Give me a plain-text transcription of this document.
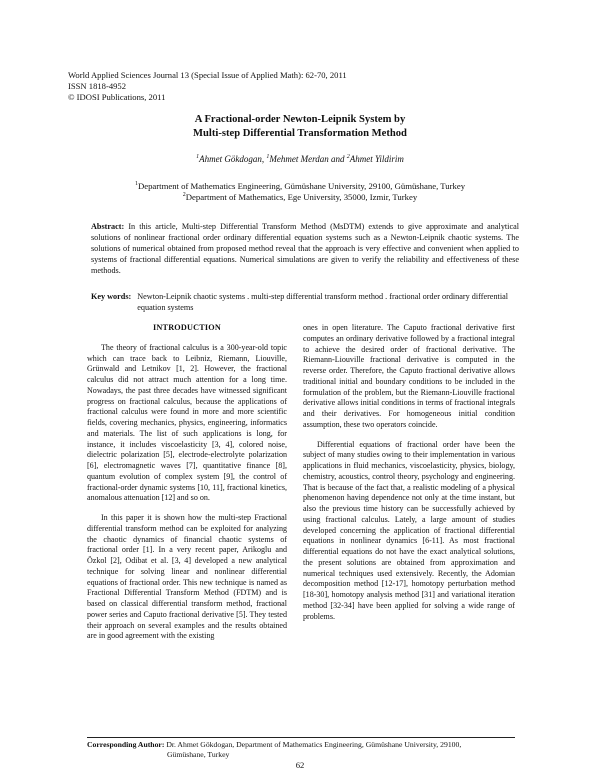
World Applied Sciences Journal 13 (Special Issue of Applied Math): 62-70, 2011
ISSN 1818-4952
© IDOSI Publications, 2011
A Fractional-order Newton-Leipnik System by
Multi-step Differential Transformation Method
$^1$Ahmet Gökdogan, $^1$Mehmet Merdan and $^2$Ahmet Yildirim
$^1$Department of Mathematics Engineering, Gümüshane University, 29100, Gümüshane, Turkey
$^2$Department of Mathematics, Ege University, 35000, Izmir, Turkey
Abstract: In this article, Multi-step Differential Transform Method (MsDTM) extends to give approximate and analytical solutions of nonlinear fractional order ordinary differential equation systems such as a Newton-Leipnik chaotic systems. The solutions of numerical obtained from proposed method reveal that the approach is very effective and convenient when applied to systems of fractional differential equations. Numerical simulations are given to verify the reliability and effectiveness of these methods.
Key words: Newton-Leipnik chaotic systems . multi-step differential transform method . fractional order ordinary differential equation systems
INTRODUCTION

The theory of fractional calculus is a 300-year-old topic which can trace back to Leibniz, Riemann, Liouville, Grünwald and Letnikov [1, 2]. However, the fractional calculus did not attract much attention for a long time. Nowadays, the past three decades have witnessed significant progress on fractional calculus, because the applications of fractional calculus were found in more and more scientific fields, covering mechanics, physics, engineering, informatics and materials. The list of such applications is long, for instance, it includes viscoelasticity [3, 4], colored noise, dielectric polarization [5], electrode-electrolyte polarization [6], electromagnetic waves [7], quantitative finance [8], quantum evolution of complex system [9], the control of fractional-order dynamic systems [10, 11], fractional kinetics, anomalous attenuation [12] and so on.

In this paper it is shown how the multi-step Fractional differential transform method can be exploited for analyzing the chaotic dynamics of financial chaotic systems of fractional order [1]. In a very recent paper, Arikoglu and Özkol [2], Odibat et al. [3, 4] developed a new analytical technique for solving linear and nonlinear differential equations of fractional order. This new technique is named as Fractional Differential Transform Method (FDTM) and is based on classical differential transform method, fractional power series and Caputo fractional derivative [5]. They tested their approach on several examples and the results obtained are in good agreement with the existing

ones in open literature. The Caputo fractional derivative first computes an ordinary derivative followed by a fractional integral to achieve the desired order of fractional derivative. The Riemann-Liouville fractional derivative is computed in the reverse order. Therefore, the Caputo fractional derivative allows traditional initial and boundary conditions to be included in the formulation of the problem, but the Riemann-Liouville fractional derivative allows initial conditions in terms of fractional integrals and their derivatives. For homogeneous initial condition assumption, these two operators coincide.

Differential equations of fractional order have been the subject of many studies owing to their implementation in various applications in fluid mechanics, viscoelasticity, physics, biology, chemistry, acoustics, control theory, psychology and engineering. That is because of the fact that, a realistic modeling of a physical phenomenon having dependence not only at the time instant, but also the previous time history can be successfully achieved by using fractional calculus. Lately, a large amount of studies developed concerning the application of fractional differential equations in nonlinear dynamics [6-11]. As most fractional differential equations do not have the exact analytical solutions, the present solutions are obtained from approximation and numerical techniques used extensively. Recently, the Adomian decomposition method [12-17], homotopy perturbation method [18-30], homotopy analysis method [31] and variational iteration method [32-34] have been applied for solving a wide range of problems.

Corresponding Author: Dr. Ahmet Gökdogan, Department of Mathematics Engineering, Gümüshane University, 29100,
Gümüshane, Turkey
62
